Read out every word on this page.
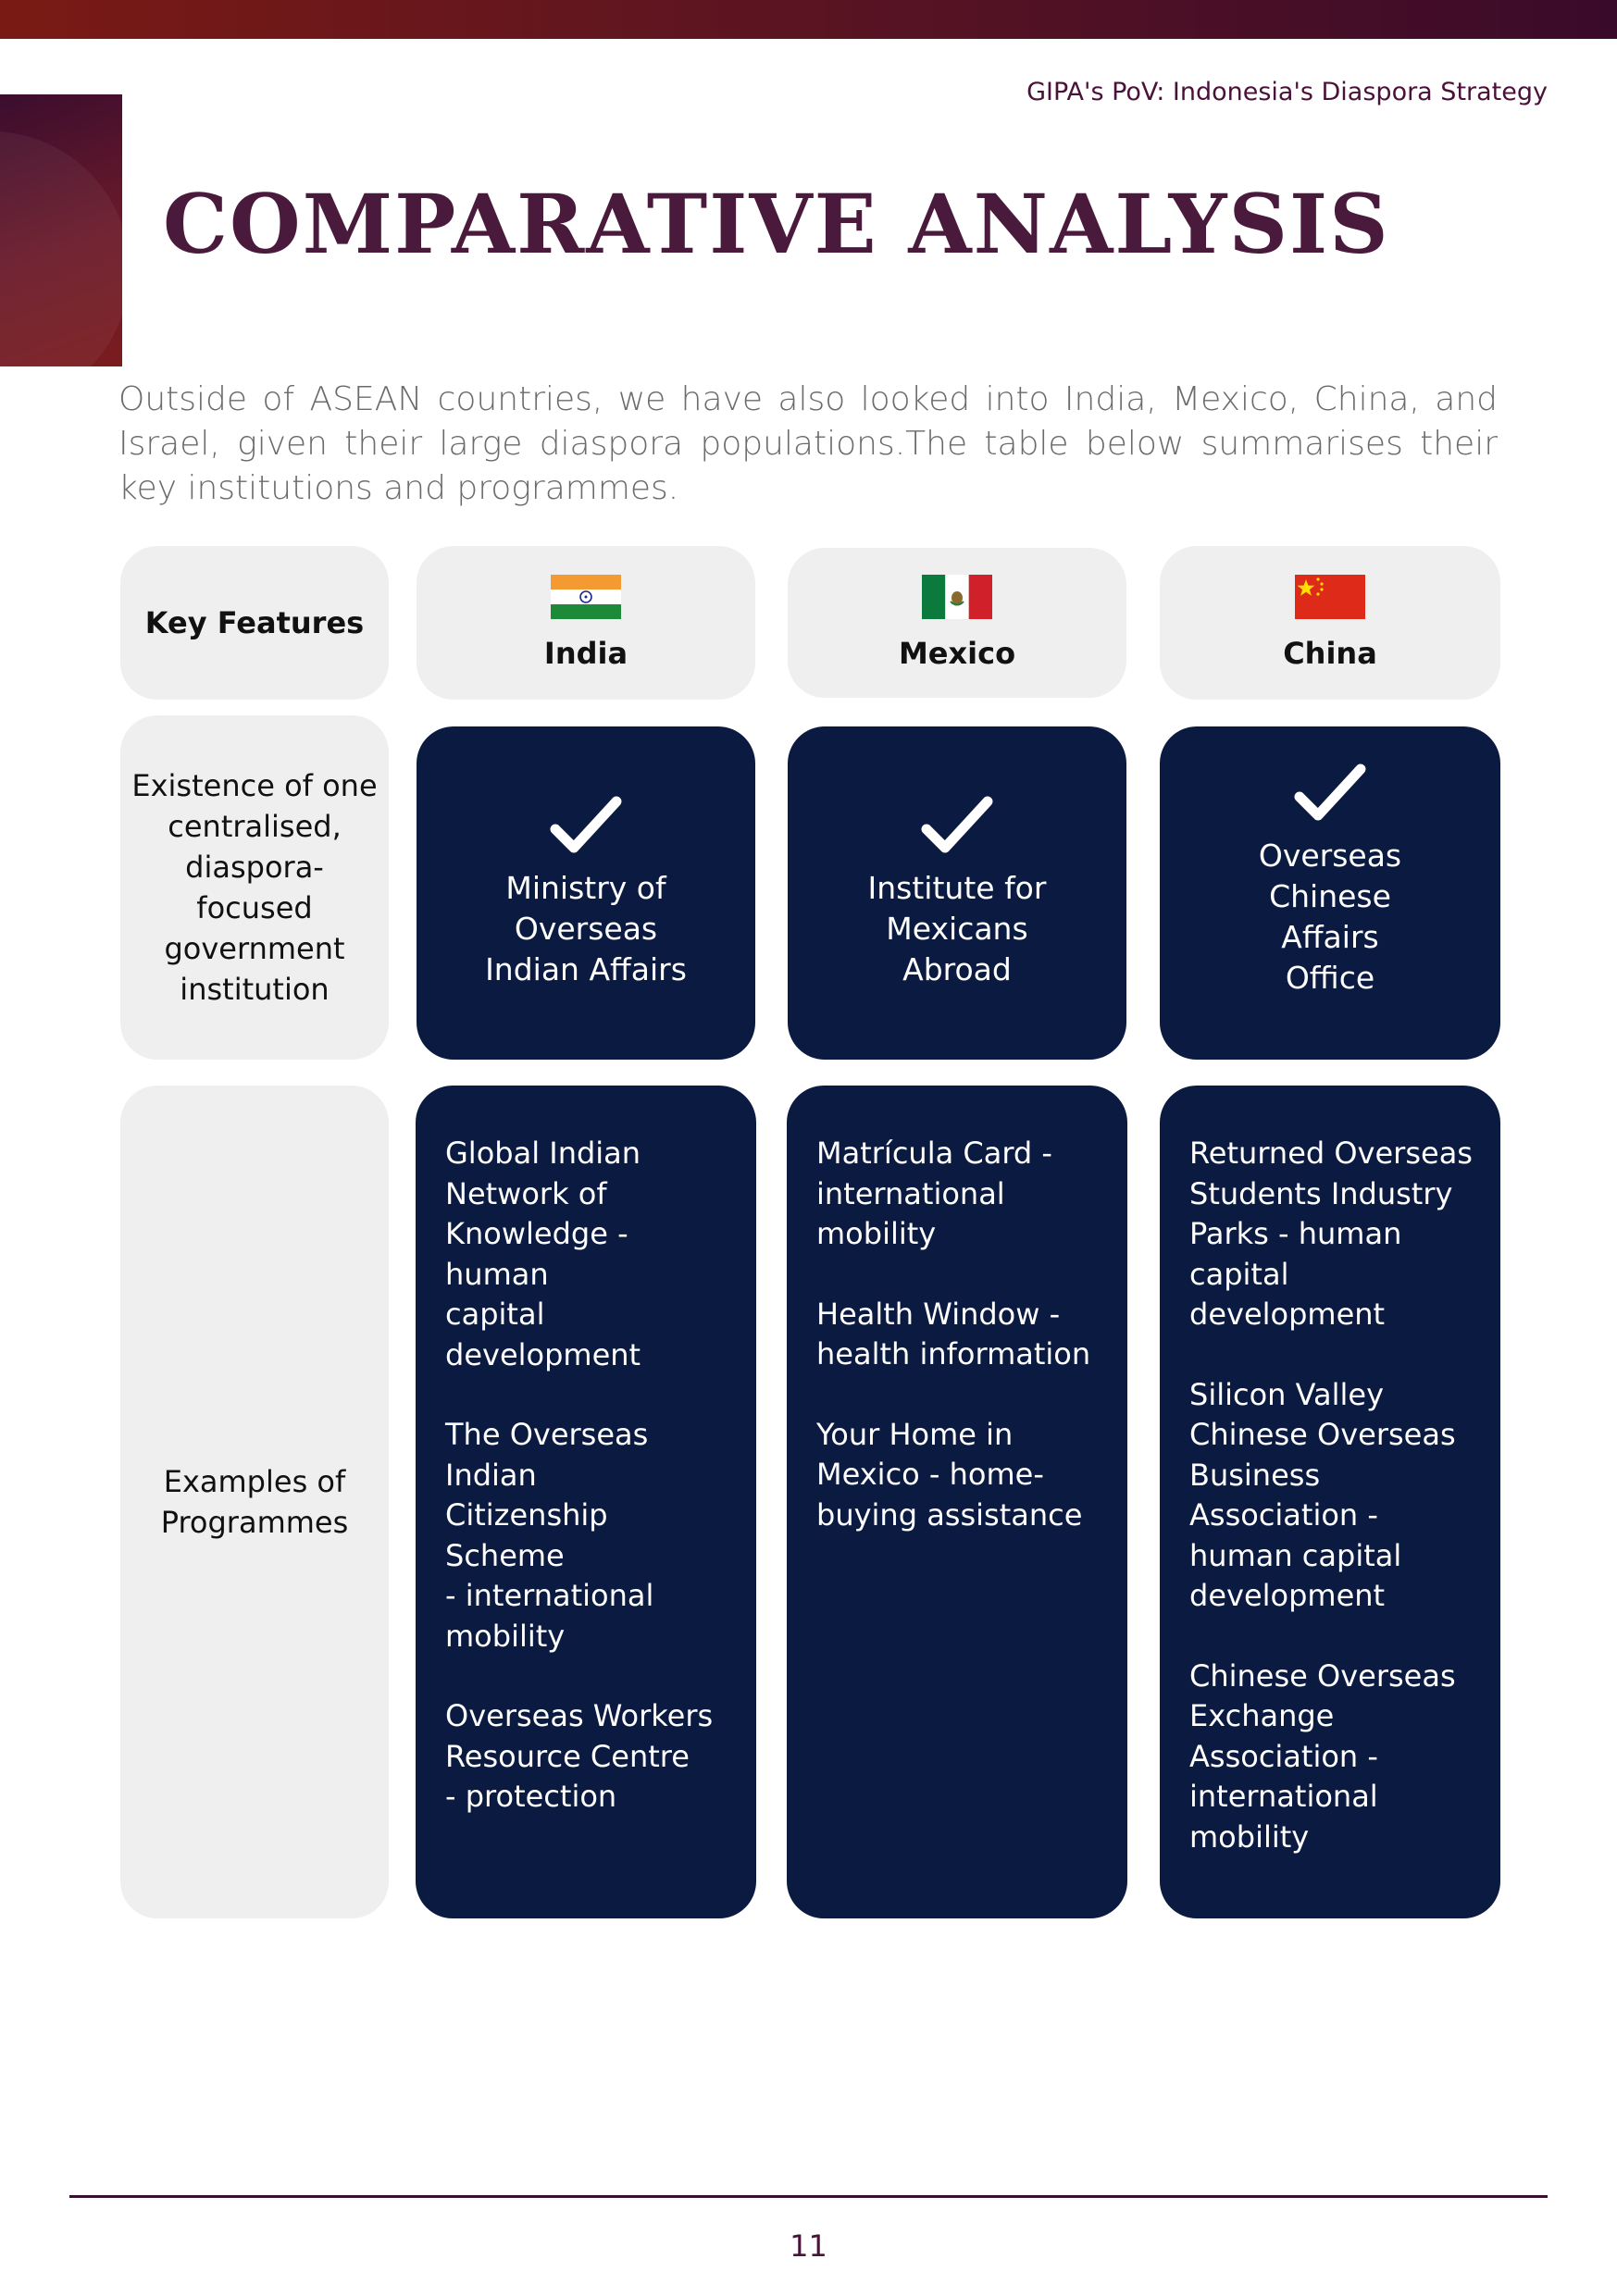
GIPA's PoV: Indonesia's Diaspora Strategy
COMPARATIVE ANALYSIS
Outside of ASEAN countries, we have also looked into India, Mexico, China, and Israel, given their large diaspora populations.The table below summarises their key institutions and programmes.
Key Features
India	Mexico	China
Existence of one centralised, diaspora-focused government institution
Ministry of
Overseas
Indian Affairs
Institute for
Mexicans
Abroad
Overseas
Chinese
Affairs
Office
Examples of Programmes
Global Indian
Network of
Knowledge - human
capital
development
The Overseas Indian
Citizenship Scheme
- international
mobility
Overseas Workers
Resource Centre
- protection
Matrícula Card -
international
mobility
Health Window -
health information
Your Home in
Mexico - home-
buying assistance
Returned Overseas
Students Industry
Parks - human
capital
development
Silicon Valley
Chinese Overseas
Business
Association -
human capital
development
Chinese Overseas
Exchange
Association -
international
mobility
11
